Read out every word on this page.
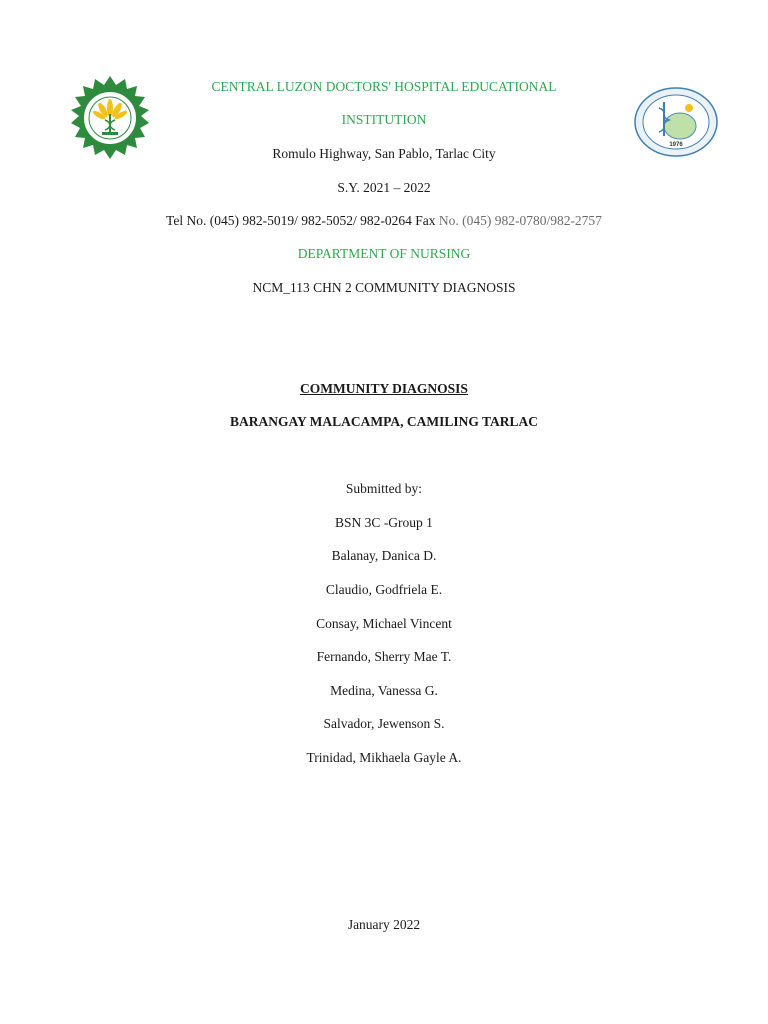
1976
CENTRAL LUZON DOCTORS' HOSPITAL EDUCATIONAL
INSTITUTION
Romulo Highway, San Pablo, Tarlac City
S.Y. 2021 – 2022
Tel No. (045) 982-5019/ 982-5052/ 982-0264 Fax No. (045) 982-0780/982-2757
DEPARTMENT OF NURSING
NCM_113 CHN 2 COMMUNITY DIAGNOSIS
COMMUNITY DIAGNOSIS
BARANGAY MALACAMPA, CAMILING TARLAC
Submitted by:
BSN 3C -Group 1
Balanay, Danica D.
Claudio, Godfriela E.
Consay, Michael Vincent
Fernando, Sherry Mae T.
Medina, Vanessa G.
Salvador, Jewenson S.
Trinidad, Mikhaela Gayle A.
January 2022
